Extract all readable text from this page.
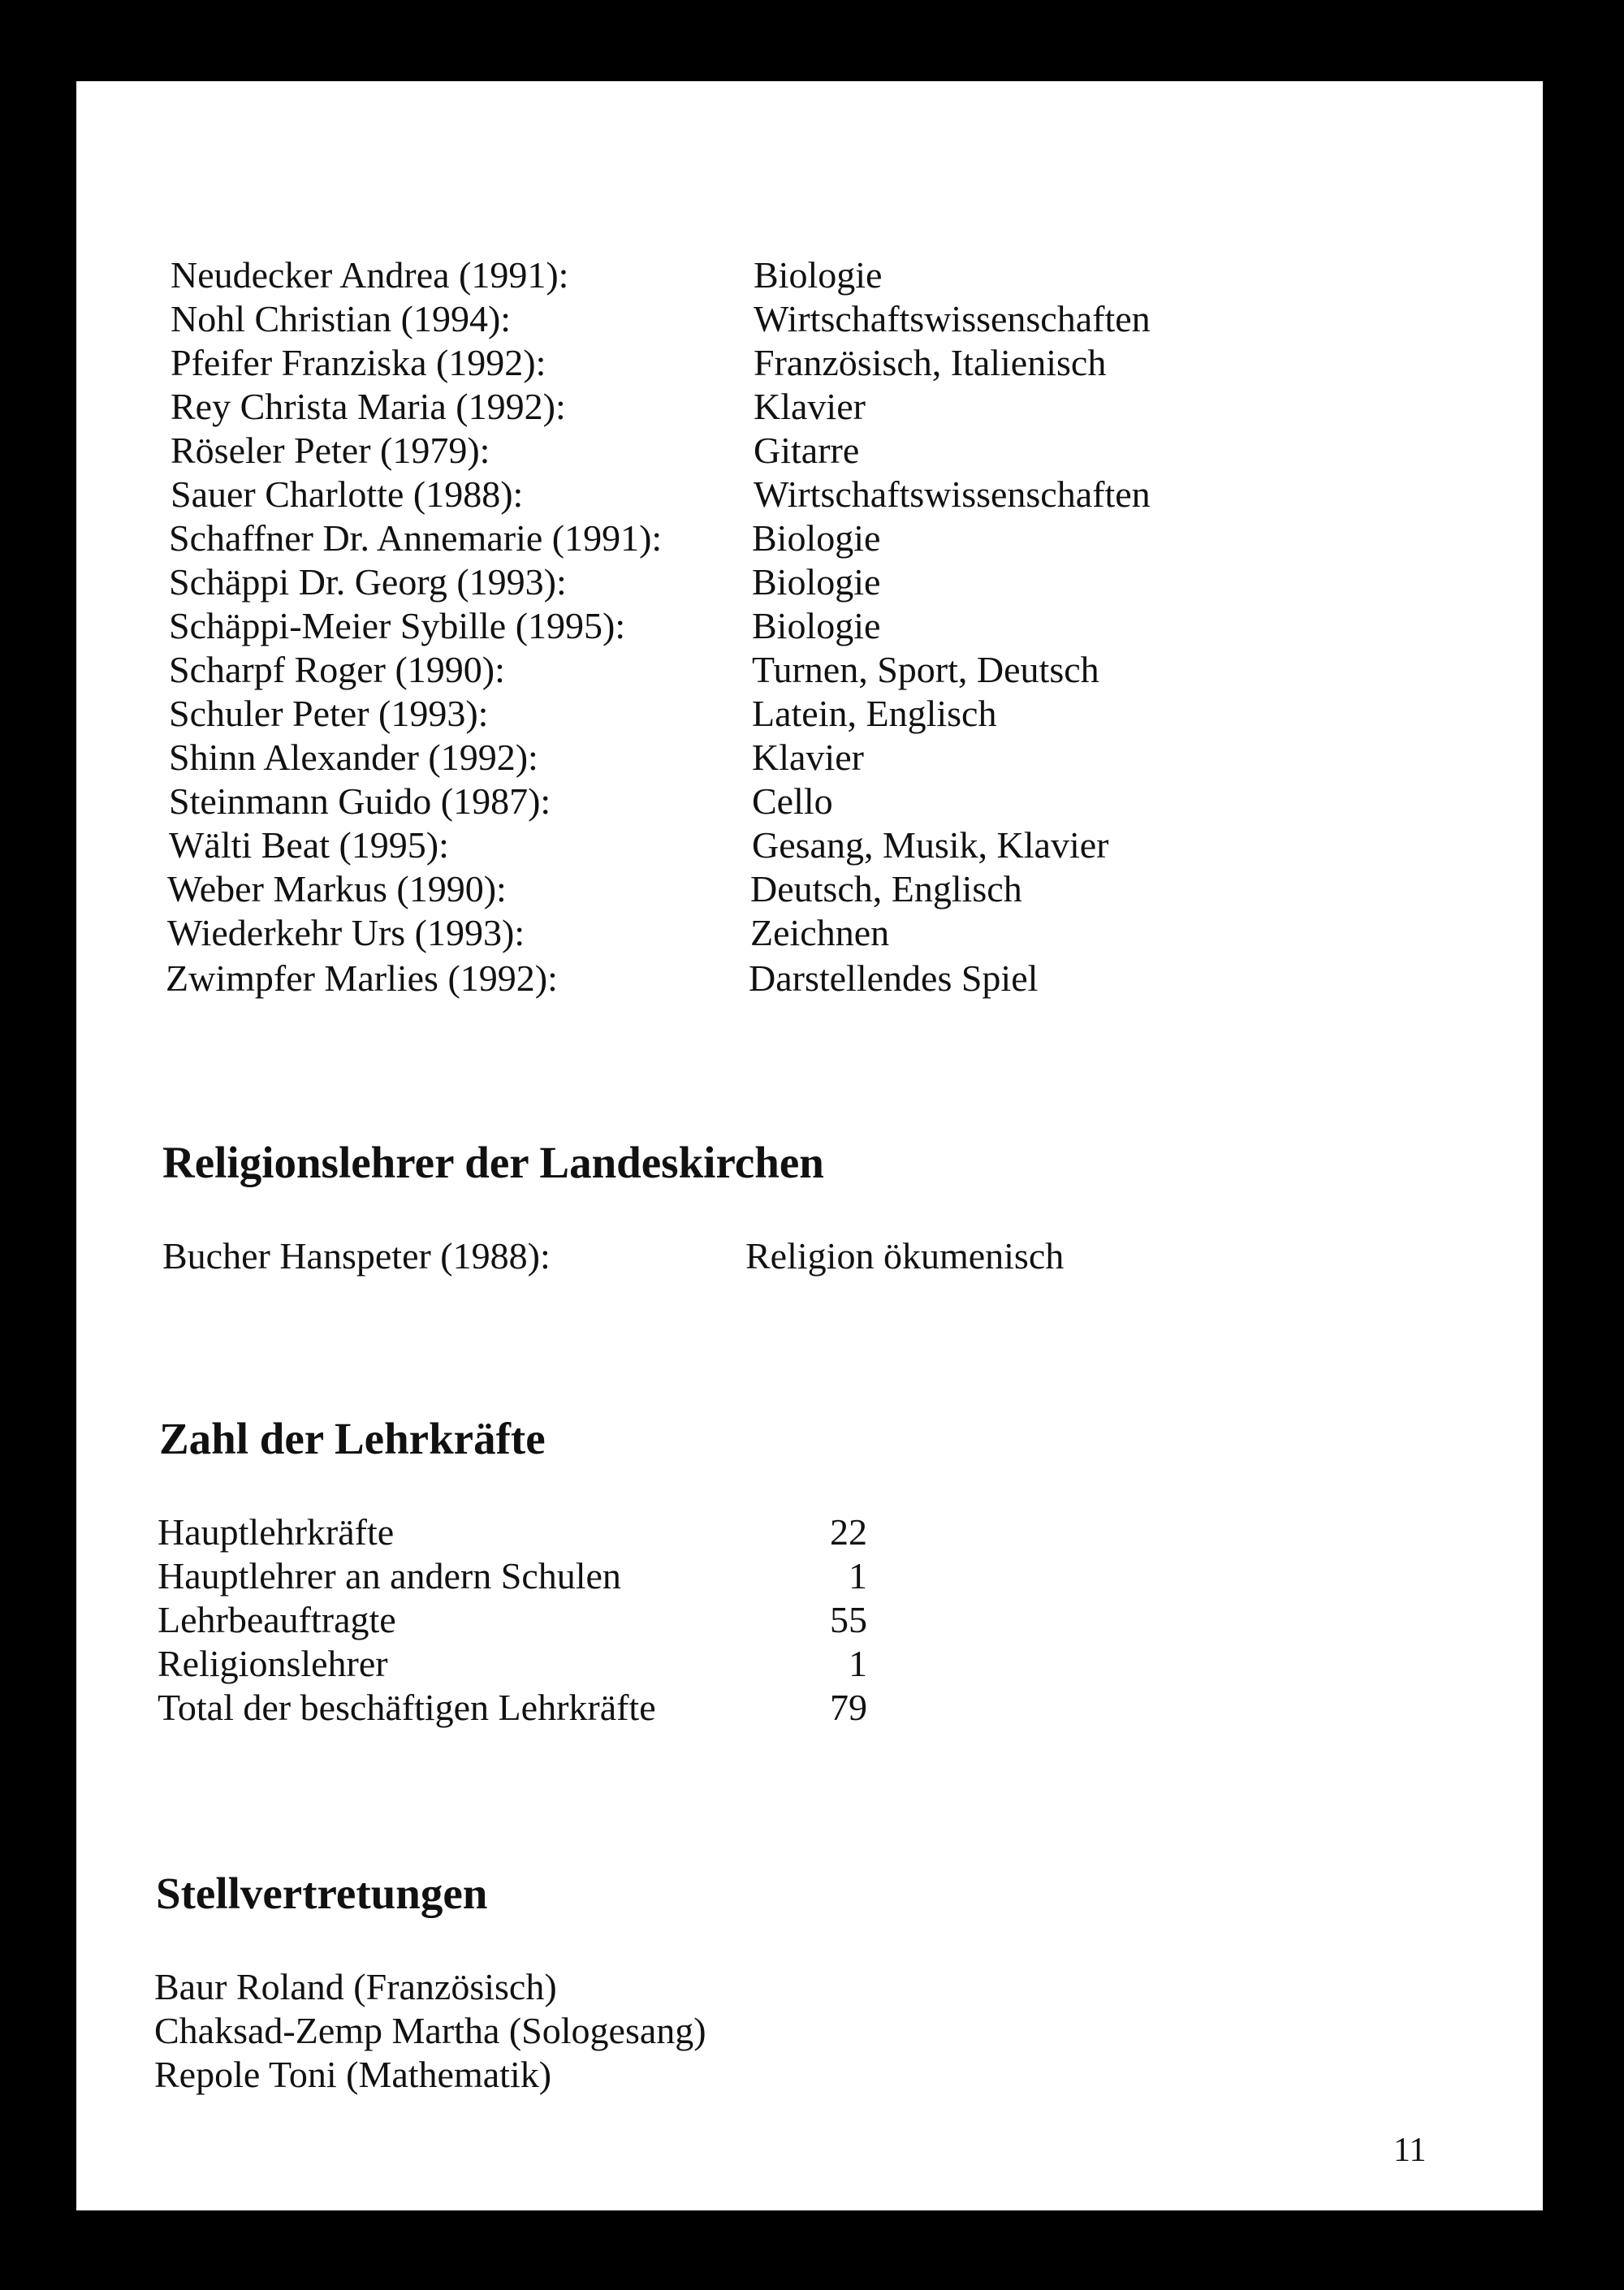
Neudecker Andrea (1991):	Biologie
Nohl Christian (1994):	Wirtschaftswissenschaften
Pfeifer Franziska (1992):	Französisch, Italienisch
Rey Christa Maria (1992):	Klavier
Röseler Peter (1979):	Gitarre
Sauer Charlotte (1988):	Wirtschaftswissenschaften
Schaffner Dr. Annemarie (1991): Biologie
Schäppi Dr. Georg (1993):	Biologie
Schäppi-Meier Sybille (1995):	Biologie
Scharpf Roger (1990):	Turnen, Sport, Deutsch
Schuler Peter (1993):	Latein, Englisch
Shinn Alexander (1992):	Klavier
Steinmann Guido (1987):	Cello
Wälti Beat (1995):	Gesang, Musik, Klavier
Weber Markus (1990):	Deutsch, Englisch
Wiederkehr Urs (1993):	Zeichnen
Zwimpfer Marlies (1992):	Darstellendes Spiel
Religionslehrer der Landeskirchen
Bucher Hanspeter (1988):	Religion ökumenisch
Zahl der Lehrkräfte
Hauptlehrkräfte	22
Hauptlehrer an andern Schulen	1
Lehrbeauftragte	55
Religionslehrer	1
Total der beschäftigen Lehrkräfte	79
Stellvertretungen
Baur Roland (Französisch)
Chaksad-Zemp Martha (Sologesang)
Repole Toni (Mathematik)
11
